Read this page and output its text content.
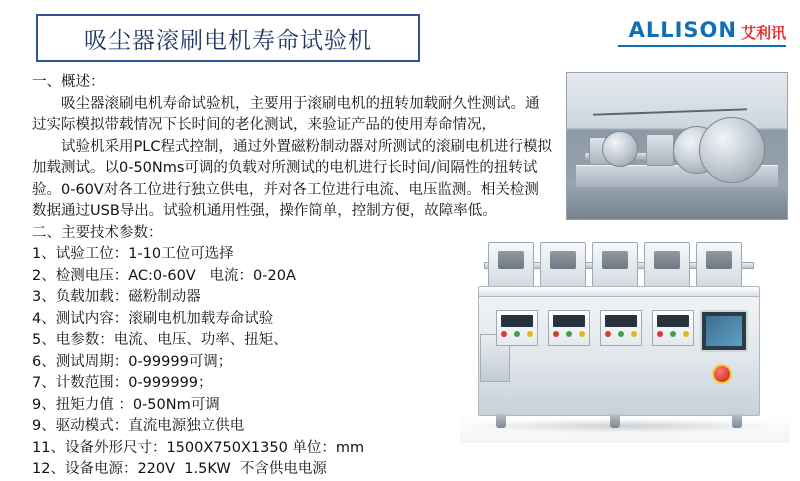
吸尘器滚刷电机寿命试验机	ALLISON 艾利讯

一、概述：

吸尘器滚刷电机寿命试验机，主要用于滚刷电机的扭转加载耐久性测试。通过实际模拟带载情况下长时间的老化测试，来验证产品的使用寿命情况，

试验机采用PLC程式控制，通过外置磁粉制动器对所测试的滚刷电机进行模拟加载测试。以0-50Nms可调的负载对所测试的电机进行长时间/间隔性的扭转试验。0-60V对各工位进行独立供电，并对各工位进行电流、电压监测。相关检测数据通过USB导出。试验机通用性强，操作简单，控制方便，故障率低。

二、主要技术参数：

1、试验工位：1-10工位可选择

2、检测电压：AC:0-60V   电流：0-20A

3、负载加载：磁粉制动器

4、测试内容：滚刷电机加载寿命试验

5、电参数：电流、电压、功率、扭矩、

6、测试周期：0-99999可调；

7、计数范围：0-999999；

9、扭矩力值 ：0-50Nm可调

9、驱动模式：直流电源独立供电

11、设备外形尺寸：1500X750X1350 单位：mm

12、设备电源：220V  1.5KW  不含供电电源
